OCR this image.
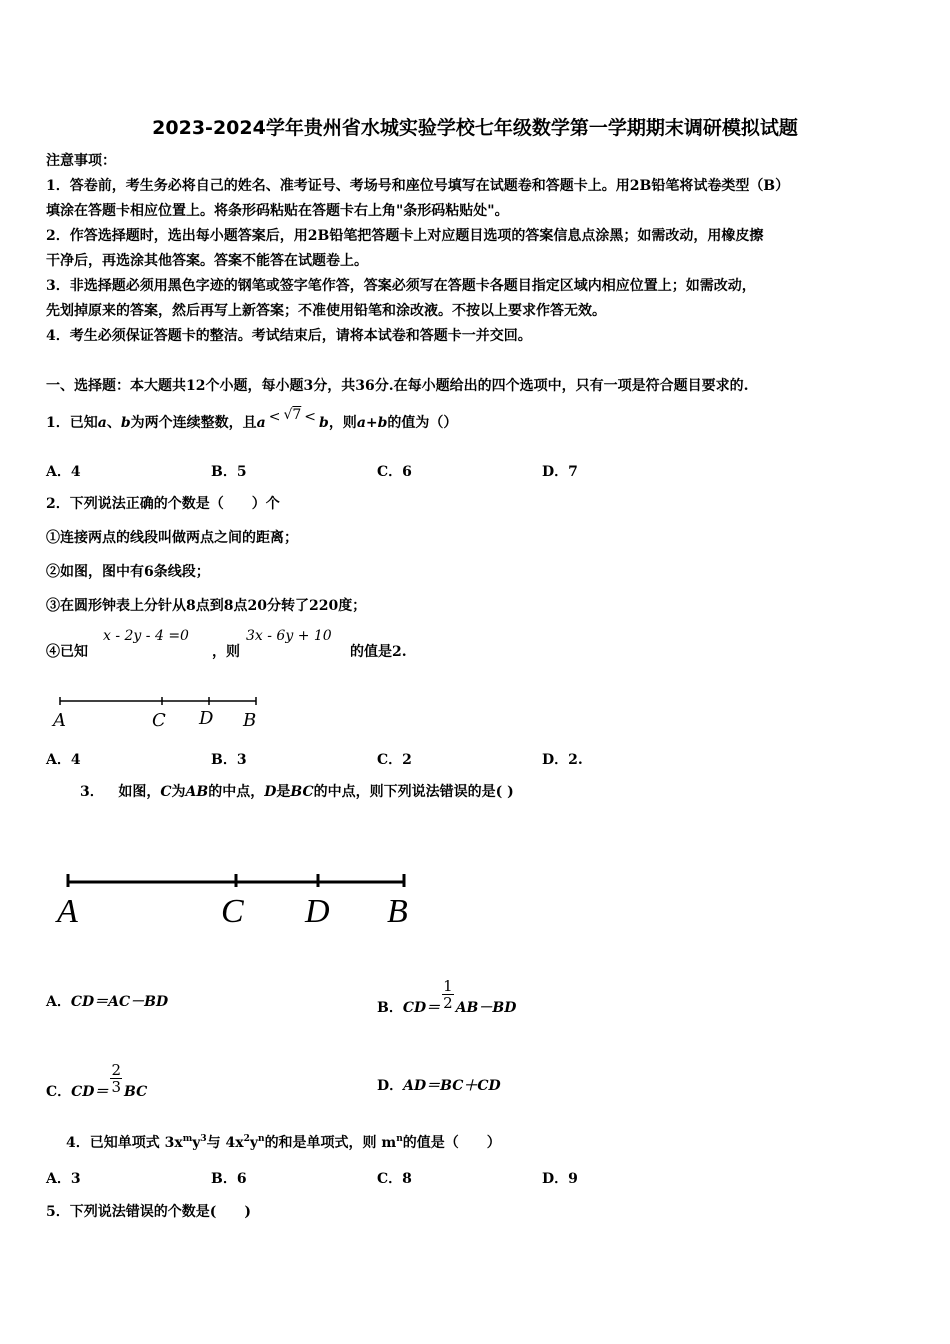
2023-2024学年贵州省水城实验学校七年级数学第一学期期末调研模拟试题
注意事项：
1．答卷前，考生务必将自己的姓名、准考证号、考场号和座位号填写在试题卷和答题卡上。用2B铅笔将试卷类型（B）
填涂在答题卡相应位置上。将条形码粘贴在答题卡右上角"条形码粘贴处"。
2．作答选择题时，选出每小题答案后，用2B铅笔把答题卡上对应题目选项的答案信息点涂黑；如需改动，用橡皮擦
干净后，再选涂其他答案。答案不能答在试题卷上。
3．非选择题必须用黑色字迹的钢笔或签字笔作答，答案必须写在答题卡各题目指定区域内相应位置上；如需改动，
先划掉原来的答案，然后再写上新答案；不准使用铅笔和涂改液。不按以上要求作答无效。
4．考生必须保证答题卡的整洁。考试结束后，请将本试卷和答题卡一并交回。
一、选择题：本大题共12个小题，每小题3分，共36分.在每小题给出的四个选项中，只有一项是符合题目要求的.
1．已知a、b为两个连续整数，且a < √7 < b，则a+b的值为（）
A．4	B．5	C．6	D．7
2．下列说法正确的个数是（　　）个
①连接两点的线段叫做两点之间的距离；
②如图，图中有6条线段；
③在圆形钟表上分针从8点到8点20分转了220度；
④已知
x - 2y - 4 =0
，则
3x - 6y + 10
的值是2.
A	C D B
A．4	B．3	C．2	D．2.
3． 如图，C为AB的中点，D是BC的中点，则下列说法错误的是( )
A	C D B
A．CD＝AC－BD	B．$CD= \frac{1}{2} AB-BD$
C．$CD= \frac{2}{3}$ BC	D．AD＝BC＋CD
4．已知单项式 $3x^my^3$与 $4x^2y^n$的和是单项式，则 $m^n$的值是（　　）
A．3	B．6	C．8	D．9
5．下列说法错误的个数是(　　)
